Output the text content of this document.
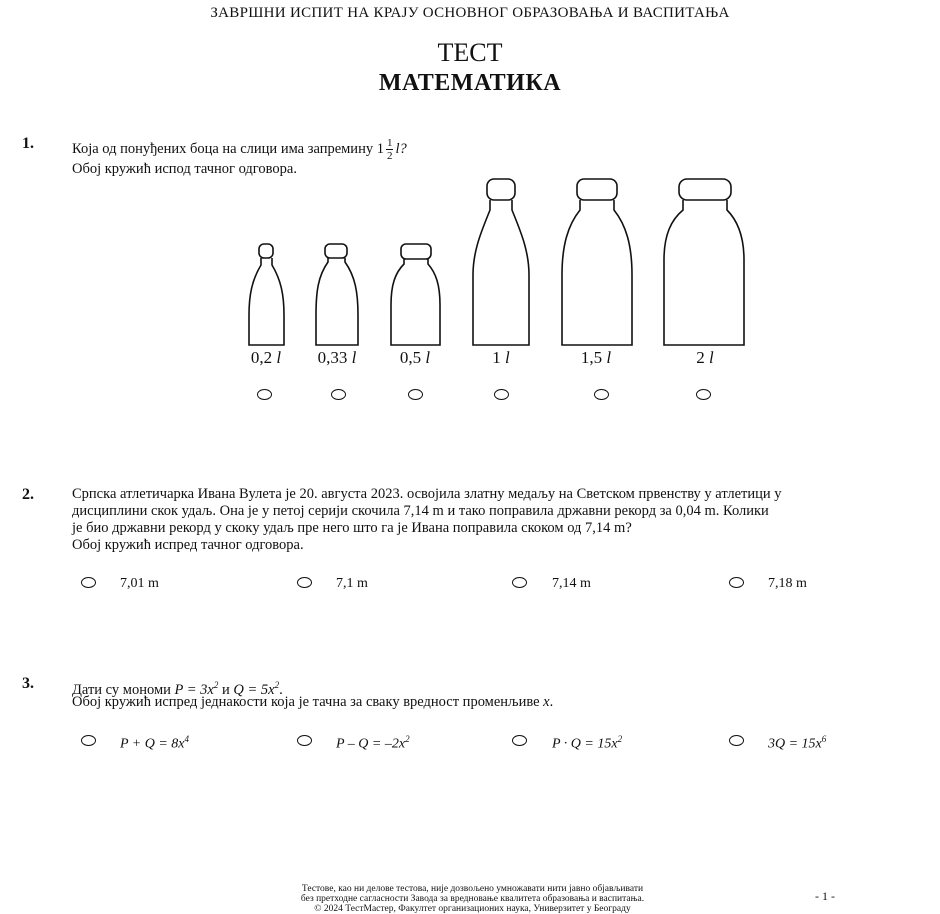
ЗАВРШНИ ИСПИТ НА КРАЈУ ОСНОВНОГ ОБРАЗОВАЊА И ВАСПИТАЊА
ТЕСТ
МАТЕМАТИКА
1.	Која од понуђених боца на слици има запремину $1 \frac{1}{2} l$?
Обој кружић испод тачног одговора.
0,2 l	0,33 l	0,5 l	1 l	1,5 l	2 l
2.	Српска атлетичарка Ивана Вулета је 20. августа 2023. освојила златну медаљу на Светском првенству у атлетици у
дисциплини скок удаљ. Она је у петој серији скочила 7,14 m и тако поправила државни рекорд за 0,04 m. Колики
је био државни рекорд у скоку удаљ пре него што га је Ивана поправила скоком од 7,14 m?
Обој кружић испред тачног одговора.
7,01 m	7,1 m	7,14 m	7,18 m
3.	Дати су мономи $P = 3x^2$ и $Q = 5x^2$.
Обој кружић испред једнакости која је тачна за сваку вредност променљиве x.
$P + Q = 8x^4$	$P - Q = -2x^2$	$P \cdot Q = 15x^2$	$3Q = 15x^6$
Тестове, као ни делове тестова, није дозвољено умножавати нити јавно објављивати
без претходне сагласности Завода за вредновање квалитета образовања и васпитања.
© 2024 ТестМастер, Факултет организационих наука, Универзитет у Београду
- 1 -
